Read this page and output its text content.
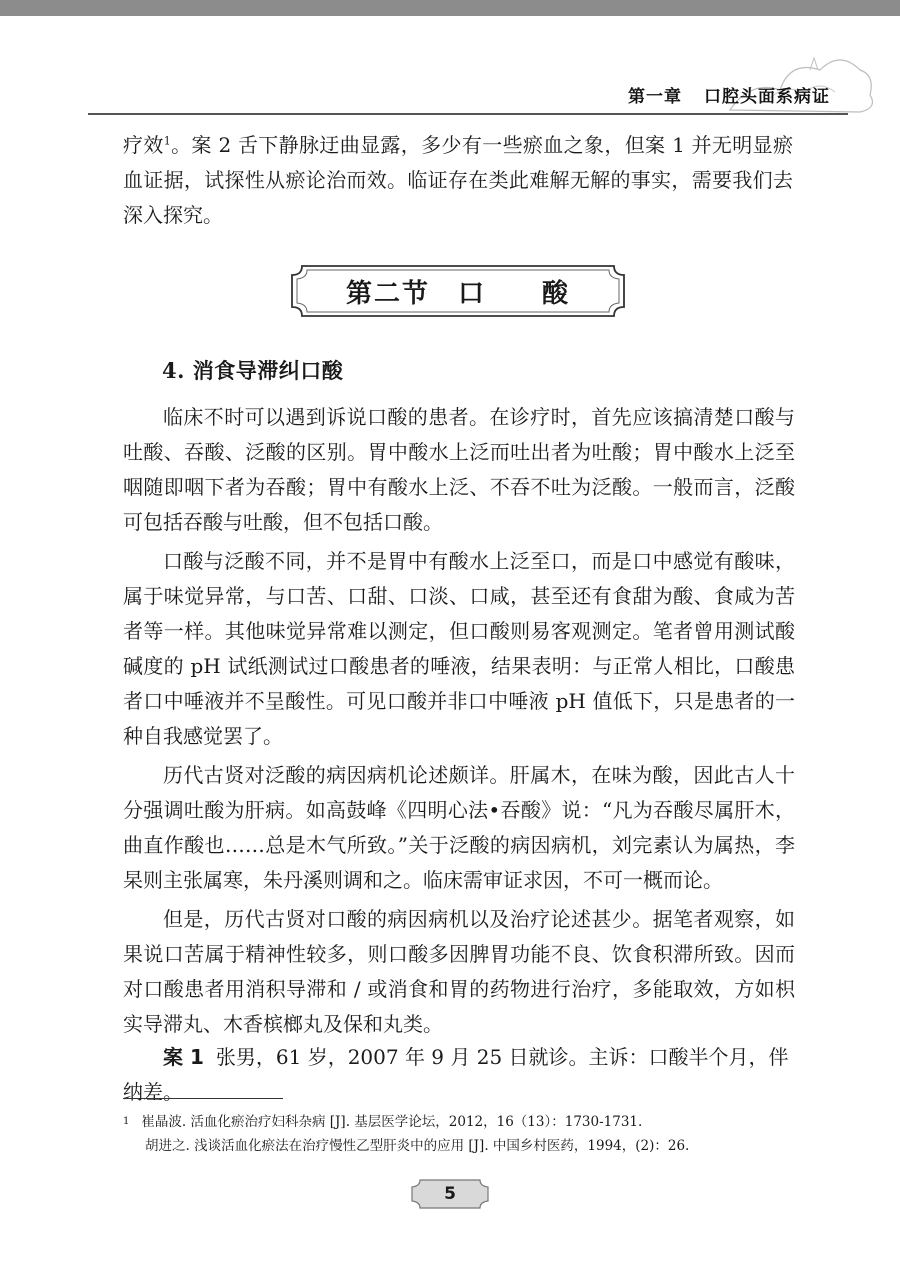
第一章 口腔头面系病证

疗效$^1$。案 2 舌下静脉迂曲显露，多少有一些瘀血之象，但案 1 并无明显瘀血证据，试探性从瘀论治而效。临证存在类此难解无解的事实，需要我们去深入探究。

第二节 口 酸
4. 消食导滞纠口酸

临床不时可以遇到诉说口酸的患者。在诊疗时，首先应该搞清楚口酸与吐酸、吞酸、泛酸的区别。胃中酸水上泛而吐出者为吐酸；胃中酸水上泛至咽随即咽下者为吞酸；胃中有酸水上泛、不吞不吐为泛酸。一般而言，泛酸可包括吞酸与吐酸，但不包括口酸。

口酸与泛酸不同，并不是胃中有酸水上泛至口，而是口中感觉有酸味，属于味觉异常，与口苦、口甜、口淡、口咸，甚至还有食甜为酸、食咸为苦者等一样。其他味觉异常难以测定，但口酸则易客观测定。笔者曾用测试酸碱度的 pH 试纸测试过口酸患者的唾液，结果表明：与正常人相比，口酸患者口中唾液并不呈酸性。可见口酸并非口中唾液 pH 值低下，只是患者的一种自我感觉罢了。

历代古贤对泛酸的病因病机论述颇详。肝属木，在味为酸，因此古人十分强调吐酸为肝病。如高鼓峰《四明心法•吞酸》说：“凡为吞酸尽属肝木，曲直作酸也……总是木气所致。”关于泛酸的病因病机，刘完素认为属热，李杲则主张属寒，朱丹溪则调和之。临床需审证求因，不可一概而论。

但是，历代古贤对口酸的病因病机以及治疗论述甚少。据笔者观察，如果说口苦属于精神性较多，则口酸多因脾胃功能不良、饮食积滞所致。因而对口酸患者用消积导滞和 / 或消食和胃的药物进行治疗，多能取效，方如枳实导滞丸、木香槟榔丸及保和丸类。

案 1 张男，61 岁，2007 年 9 月 25 日就诊。主诉：口酸半个月，伴纳差。

$^1$ 崔晶波. 活血化瘀治疗妇科杂病 [J]. 基层医学论坛，2012，16（13）：1730-1731.
胡进之. 浅谈活血化瘀法在治疗慢性乙型肝炎中的应用 [J]. 中国乡村医药，1994，(2)：26.
5
